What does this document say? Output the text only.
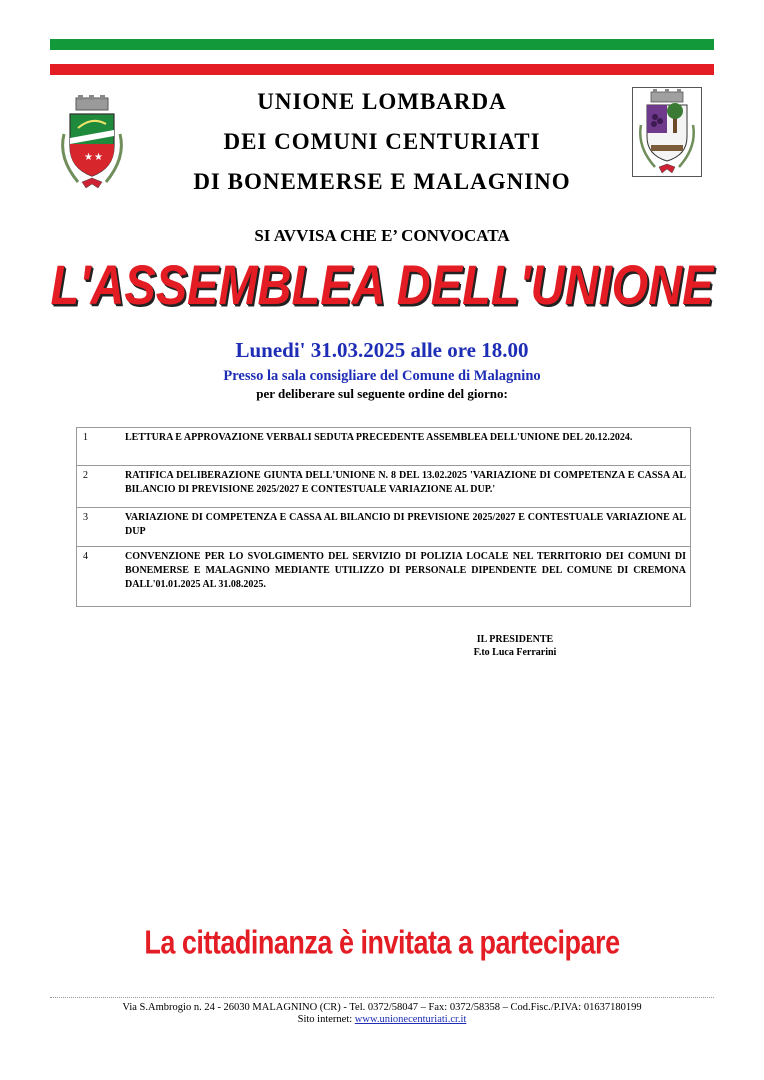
★ ★
UNIONE LOMBARDA
DEI COMUNI CENTURIATI
DI BONEMERSE E MALAGNINO
SI AVVISA CHE E’ CONVOCATA
L'ASSEMBLEA DELL'UNIONE
Lunedi' 31.03.2025 alle ore 18.00
Presso la sala consigliare del Comune di Malagnino
per deliberare sul seguente ordine del giorno:
1	LETTURA E APPROVAZIONE VERBALI SEDUTA PRECEDENTE ASSEMBLEA DELL'UNIONE DEL 20.12.2024.
2	RATIFICA DELIBERAZIONE GIUNTA DELL'UNIONE N. 8 DEL 13.02.2025 'VARIAZIONE DI COMPETENZA E CASSA AL BILANCIO DI PREVISIONE 2025/2027 E CONTESTUALE VARIAZIONE AL DUP.'
3	VARIAZIONE DI COMPETENZA E CASSA AL BILANCIO DI PREVISIONE 2025/2027 E CONTESTUALE VARIAZIONE AL DUP
4	CONVENZIONE PER LO SVOLGIMENTO DEL SERVIZIO DI POLIZIA LOCALE NEL TERRITORIO DEI COMUNI DI BONEMERSE E MALAGNINO MEDIANTE UTILIZZO DI PERSONALE DIPENDENTE DEL COMUNE DI CREMONA DALL'01.01.2025 AL 31.08.2025.
IL PRESIDENTE
F.to Luca Ferrarini
La cittadinanza è invitata a partecipare
Via S.Ambrogio n. 24 - 26030 MALAGNINO (CR) - Tel. 0372/58047 – Fax: 0372/58358 – Cod.Fisc./P.IVA: 01637180199
Sito internet: www.unionecenturiati.cr.it
